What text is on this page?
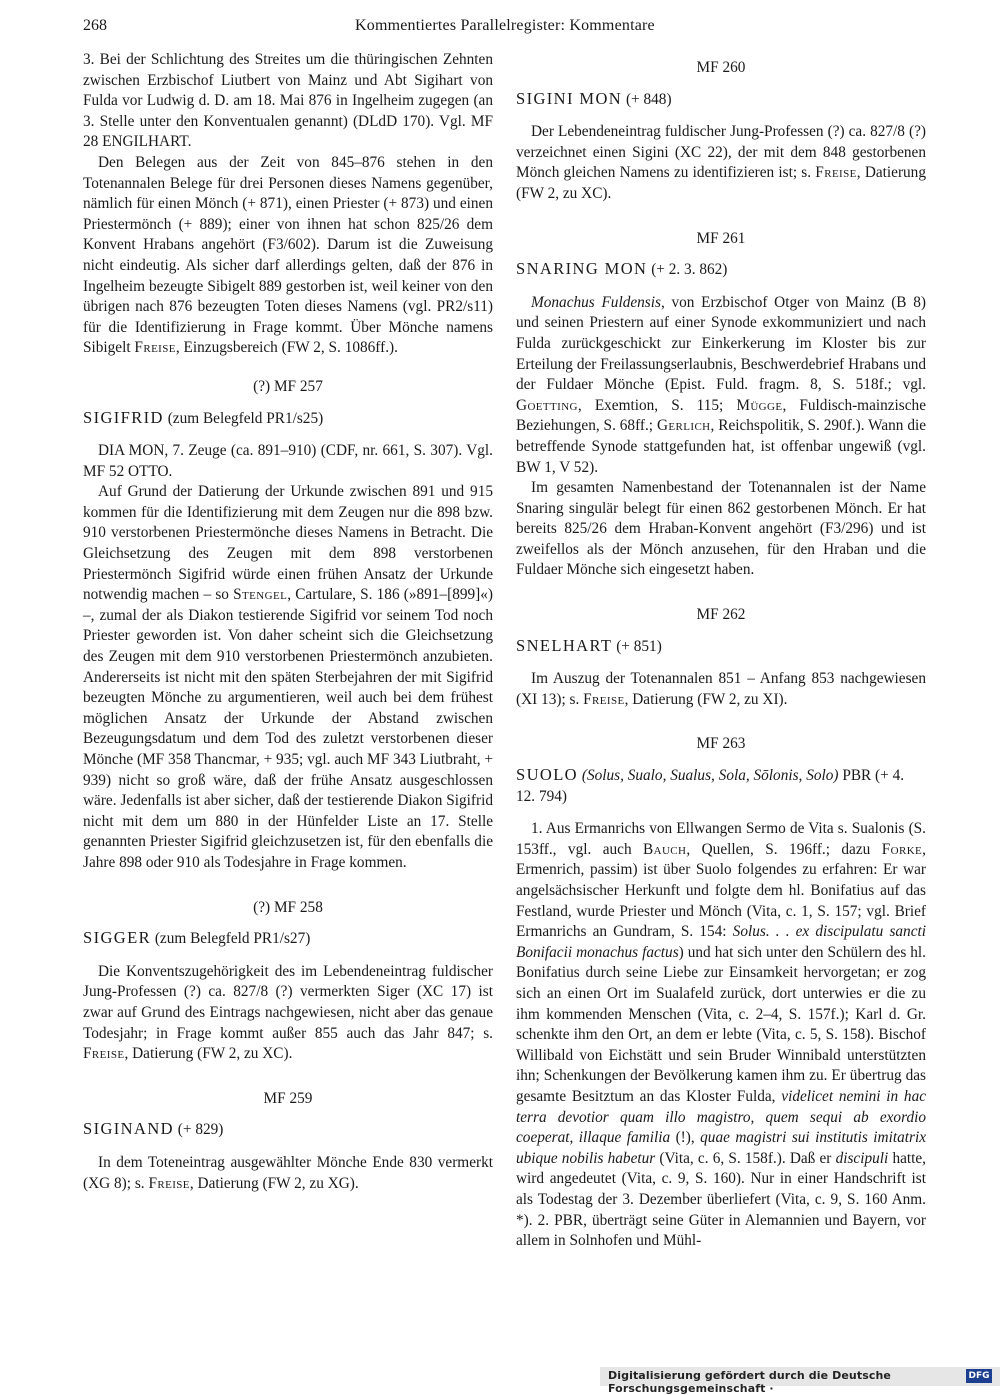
268	Kommentiertes Parallelregister: Kommentare

3. Bei der Schlichtung des Streites um die thüringischen Zehnten zwischen Erzbischof Liutbert von Mainz und Abt Sigihart von Fulda vor Ludwig d. D. am 18. Mai 876 in Ingelheim zugegen (an 3. Stelle unter den Konventualen genannt) (DLdD 170). Vgl. MF 28 ENGILHART.

Den Belegen aus der Zeit von 845–876 stehen in den Totenannalen Belege für drei Personen dieses Namens gegenüber, nämlich für einen Mönch (+ 871), einen Priester (+ 873) und einen Priestermönch (+ 889); einer von ihnen hat schon 825/26 dem Konvent Hrabans angehört (F3/602). Darum ist die Zuweisung nicht eindeutig. Als sicher darf allerdings gelten, daß der 876 in Ingelheim bezeugte Sibigelt 889 gestorben ist, weil keiner von den übrigen nach 876 bezeugten Toten dieses Namens (vgl. PR2/s11) für die Identifizierung in Frage kommt. Über Mönche namens Sibigelt Freise, Einzugsbereich (FW 2, S. 1086ff.).

(?) MF 257
SIGIFRID (zum Belegfeld PR1/s25)

DIA MON, 7. Zeuge (ca. 891–910) (CDF, nr. 661, S. 307). Vgl. MF 52 OTTO.

Auf Grund der Datierung der Urkunde zwischen 891 und 915 kommen für die Identifizierung mit dem Zeugen nur die 898 bzw. 910 verstorbenen Priestermönche dieses Namens in Betracht. Die Gleichsetzung des Zeugen mit dem 898 verstorbenen Priestermönch Sigifrid würde einen frühen Ansatz der Urkunde notwendig machen – so Stengel, Cartulare, S. 186 (»891–[899]«) –, zumal der als Diakon testierende Sigifrid vor seinem Tod noch Priester geworden ist. Von daher scheint sich die Gleichsetzung des Zeugen mit dem 910 verstorbenen Priestermönch anzubieten. Andererseits ist nicht mit den späten Sterbejahren der mit Sigifrid bezeugten Mönche zu argumentieren, weil auch bei dem frühest möglichen Ansatz der Urkunde der Abstand zwischen Bezeugungsdatum und dem Tod des zuletzt verstorbenen dieser Mönche (MF 358 Thancmar, + 935; vgl. auch MF 343 Liutbraht, + 939) nicht so groß wäre, daß der frühe Ansatz ausgeschlossen wäre. Jedenfalls ist aber sicher, daß der testierende Diakon Sigifrid nicht mit dem um 880 in der Hünfelder Liste an 17. Stelle genannten Priester Sigifrid gleichzusetzen ist, für den ebenfalls die Jahre 898 oder 910 als Todesjahre in Frage kommen.

(?) MF 258
SIGGER (zum Belegfeld PR1/s27)

Die Konventszugehörigkeit des im Lebendeneintrag fuldischer Jung-Professen (?) ca. 827/8 (?) vermerkten Siger (XC 17) ist zwar auf Grund des Eintrags nachgewiesen, nicht aber das genaue Todesjahr; in Frage kommt außer 855 auch das Jahr 847; s. Freise, Datierung (FW 2, zu XC).

MF 259
SIGINAND (+ 829)

In dem Toteneintrag ausgewählter Mönche Ende 830 vermerkt (XG 8); s. Freise, Datierung (FW 2, zu XG).

MF 260
SIGINI MON (+ 848)

Der Lebendeneintrag fuldischer Jung-Professen (?) ca. 827/8 (?) verzeichnet einen Sigini (XC 22), der mit dem 848 gestorbenen Mönch gleichen Namens zu identifizieren ist; s. Freise, Datierung (FW 2, zu XC).

MF 261
SNARING MON (+ 2. 3. 862)

Monachus Fuldensis, von Erzbischof Otger von Mainz (B 8) und seinen Priestern auf einer Synode exkommuniziert und nach Fulda zurückgeschickt zur Einkerkerung im Kloster bis zur Erteilung der Freilassungserlaubnis, Beschwerdebrief Hrabans und der Fuldaer Mönche (Epist. Fuld. fragm. 8, S. 518f.; vgl. Goetting, Exemtion, S. 115; Mügge, Fuldisch-mainzische Beziehungen, S. 68ff.; Gerlich, Reichspolitik, S. 290f.). Wann die betreffende Synode stattgefunden hat, ist offenbar ungewiß (vgl. BW 1, V 52).

Im gesamten Namenbestand der Totenannalen ist der Name Snaring singulär belegt für einen 862 gestorbenen Mönch. Er hat bereits 825/26 dem Hraban-Konvent angehört (F3/296) und ist zweifellos als der Mönch anzusehen, für den Hraban und die Fuldaer Mönche sich eingesetzt haben.

MF 262
SNELHART (+ 851)

Im Auszug der Totenannalen 851 – Anfang 853 nachgewiesen (XI 13); s. Freise, Datierung (FW 2, zu XI).

MF 263
SUOLO (Solus, Sualo, Sualus, Sola, Sōlonis, Solo) PBR (+ 4. 12. 794)

1. Aus Ermanrichs von Ellwangen Sermo de Vita s. Sualonis (S. 153ff., vgl. auch Bauch, Quellen, S. 196ff.; dazu Forke, Ermenrich, passim) ist über Suolo folgendes zu erfahren: Er war angelsächsischer Herkunft und folgte dem hl. Bonifatius auf das Festland, wurde Priester und Mönch (Vita, c. 1, S. 157; vgl. Brief Ermanrichs an Gundram, S. 154: Solus. . . ex discipulatu sancti Bonifacii monachus factus) und hat sich unter den Schülern des hl. Bonifatius durch seine Liebe zur Einsamkeit hervorgetan; er zog sich an einen Ort im Sualafeld zurück, dort unterwies er die zu ihm kommenden Menschen (Vita, c. 2–4, S. 157f.); Karl d. Gr. schenkte ihm den Ort, an dem er lebte (Vita, c. 5, S. 158). Bischof Willibald von Eichstätt und sein Bruder Winnibald unterstützten ihn; Schenkungen der Bevölkerung kamen ihm zu. Er übertrug das gesamte Besitztum an das Kloster Fulda, videlicet nemini in hac terra devotior quam illo magistro, quem sequi ab exordio coeperat, illaque familia (!), quae magistri sui institutis imitatrix ubique nobilis habetur (Vita, c. 6, S. 158f.). Daß er discipuli hatte, wird angedeutet (Vita, c. 9, S. 160). Nur in einer Handschrift ist als Todestag der 3. Dezember überliefert (Vita, c. 9, S. 160 Anm. *). 2. PBR, überträgt seine Güter in Alemannien und Bayern, vor allem in Solnhofen und Mühl-

Digitalisierung gefördert durch die Deutsche Forschungsgemeinschaft ·
DFG
